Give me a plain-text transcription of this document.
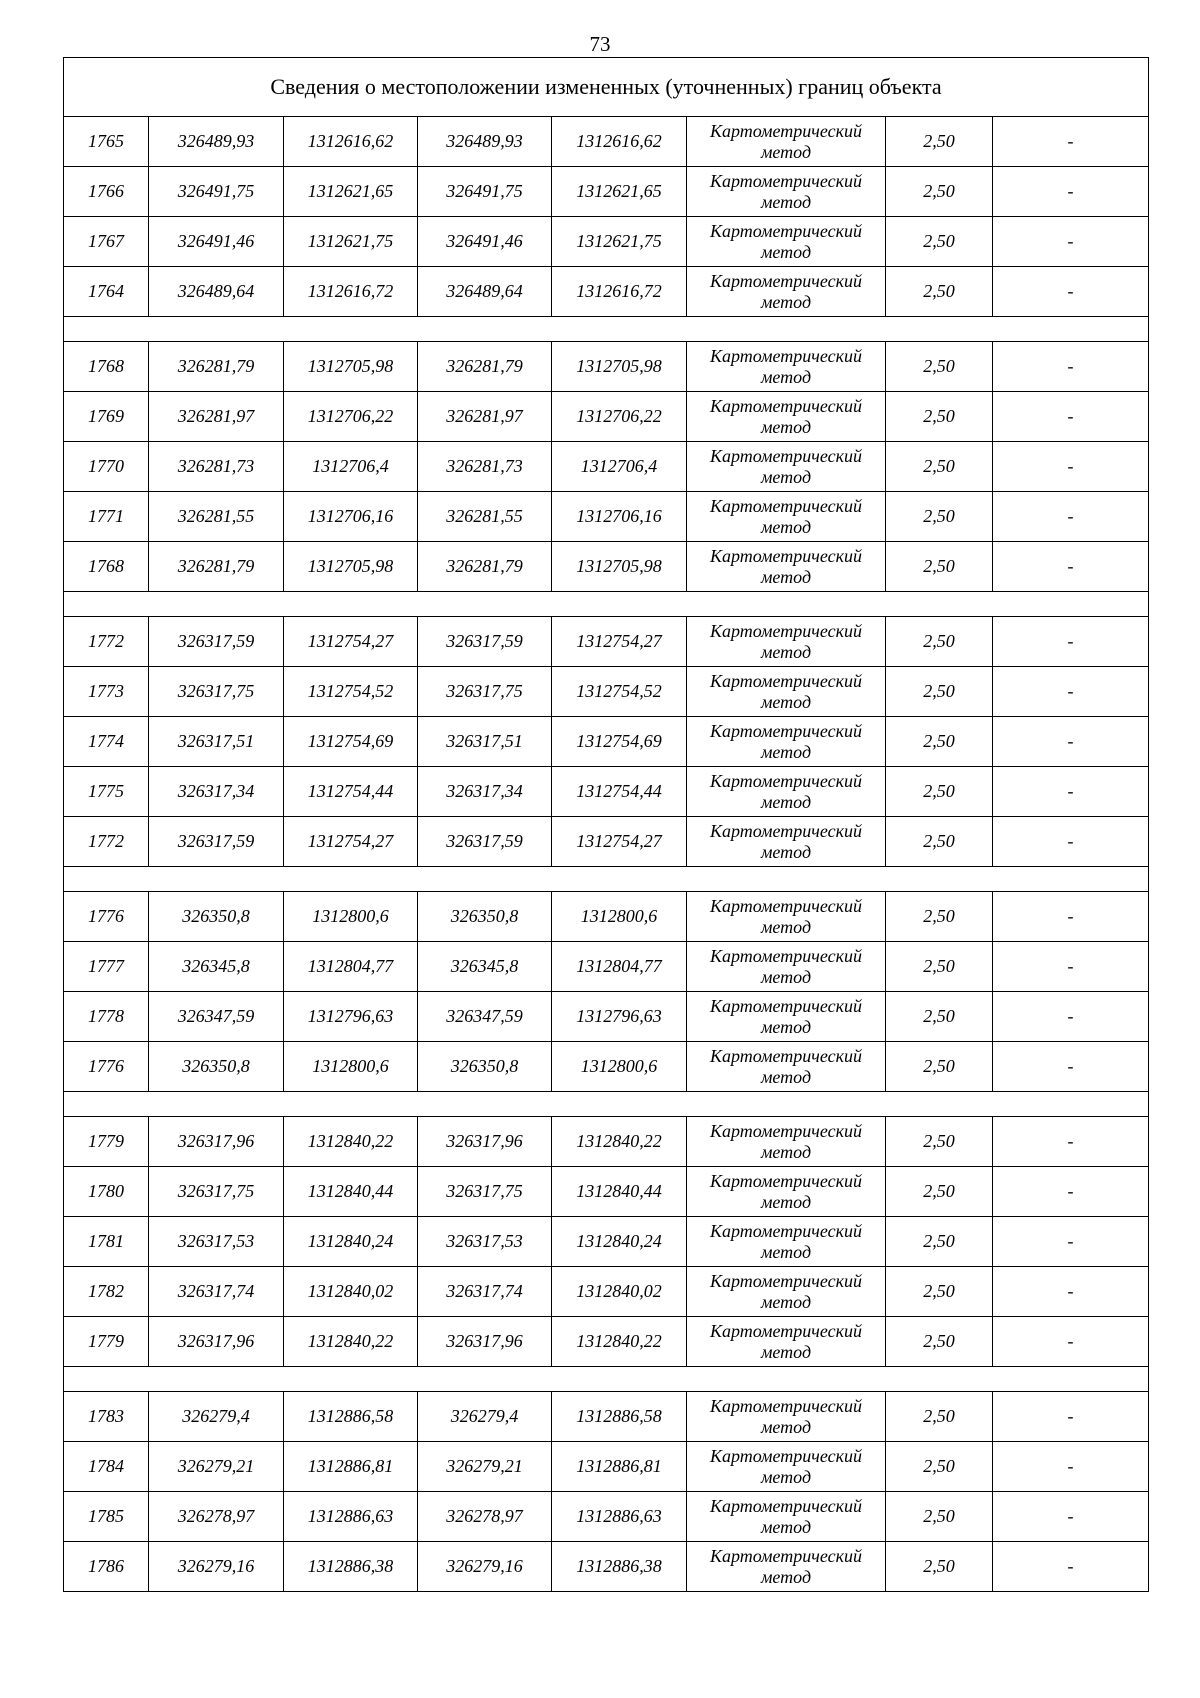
73
Сведения о местоположении измененных (уточненных) границ объекта							
1765	326489,93	1312616,62	326489,93	1312616,62	Картометрический метод	2,50	-
1766	326491,75	1312621,65	326491,75	1312621,65	Картометрический метод	2,50	-
1767	326491,46	1312621,75	326491,46	1312621,75	Картометрический метод	2,50	-
1764	326489,64	1312616,72	326489,64	1312616,72	Картометрический метод	2,50	-

1768	326281,79	1312705,98	326281,79	1312705,98	Картометрический метод	2,50	-
1769	326281,97	1312706,22	326281,97	1312706,22	Картометрический метод	2,50	-
1770	326281,73	1312706,4	326281,73	1312706,4	Картометрический метод	2,50	-
1771	326281,55	1312706,16	326281,55	1312706,16	Картометрический метод	2,50	-
1768	326281,79	1312705,98	326281,79	1312705,98	Картометрический метод	2,50	-

1772	326317,59	1312754,27	326317,59	1312754,27	Картометрический метод	2,50	-
1773	326317,75	1312754,52	326317,75	1312754,52	Картометрический метод	2,50	-
1774	326317,51	1312754,69	326317,51	1312754,69	Картометрический метод	2,50	-
1775	326317,34	1312754,44	326317,34	1312754,44	Картометрический метод	2,50	-
1772	326317,59	1312754,27	326317,59	1312754,27	Картометрический метод	2,50	-

1776	326350,8	1312800,6	326350,8	1312800,6	Картометрический метод	2,50	-
1777	326345,8	1312804,77	326345,8	1312804,77	Картометрический метод	2,50	-
1778	326347,59	1312796,63	326347,59	1312796,63	Картометрический метод	2,50	-
1776	326350,8	1312800,6	326350,8	1312800,6	Картометрический метод	2,50	-

1779	326317,96	1312840,22	326317,96	1312840,22	Картометрический метод	2,50	-
1780	326317,75	1312840,44	326317,75	1312840,44	Картометрический метод	2,50	-
1781	326317,53	1312840,24	326317,53	1312840,24	Картометрический метод	2,50	-
1782	326317,74	1312840,02	326317,74	1312840,02	Картометрический метод	2,50	-
1779	326317,96	1312840,22	326317,96	1312840,22	Картометрический метод	2,50	-

1783	326279,4	1312886,58	326279,4	1312886,58	Картометрический метод	2,50	-
1784	326279,21	1312886,81	326279,21	1312886,81	Картометрический метод	2,50	-
1785	326278,97	1312886,63	326278,97	1312886,63	Картометрический метод	2,50	-
1786	326279,16	1312886,38	326279,16	1312886,38	Картометрический метод	2,50	-
